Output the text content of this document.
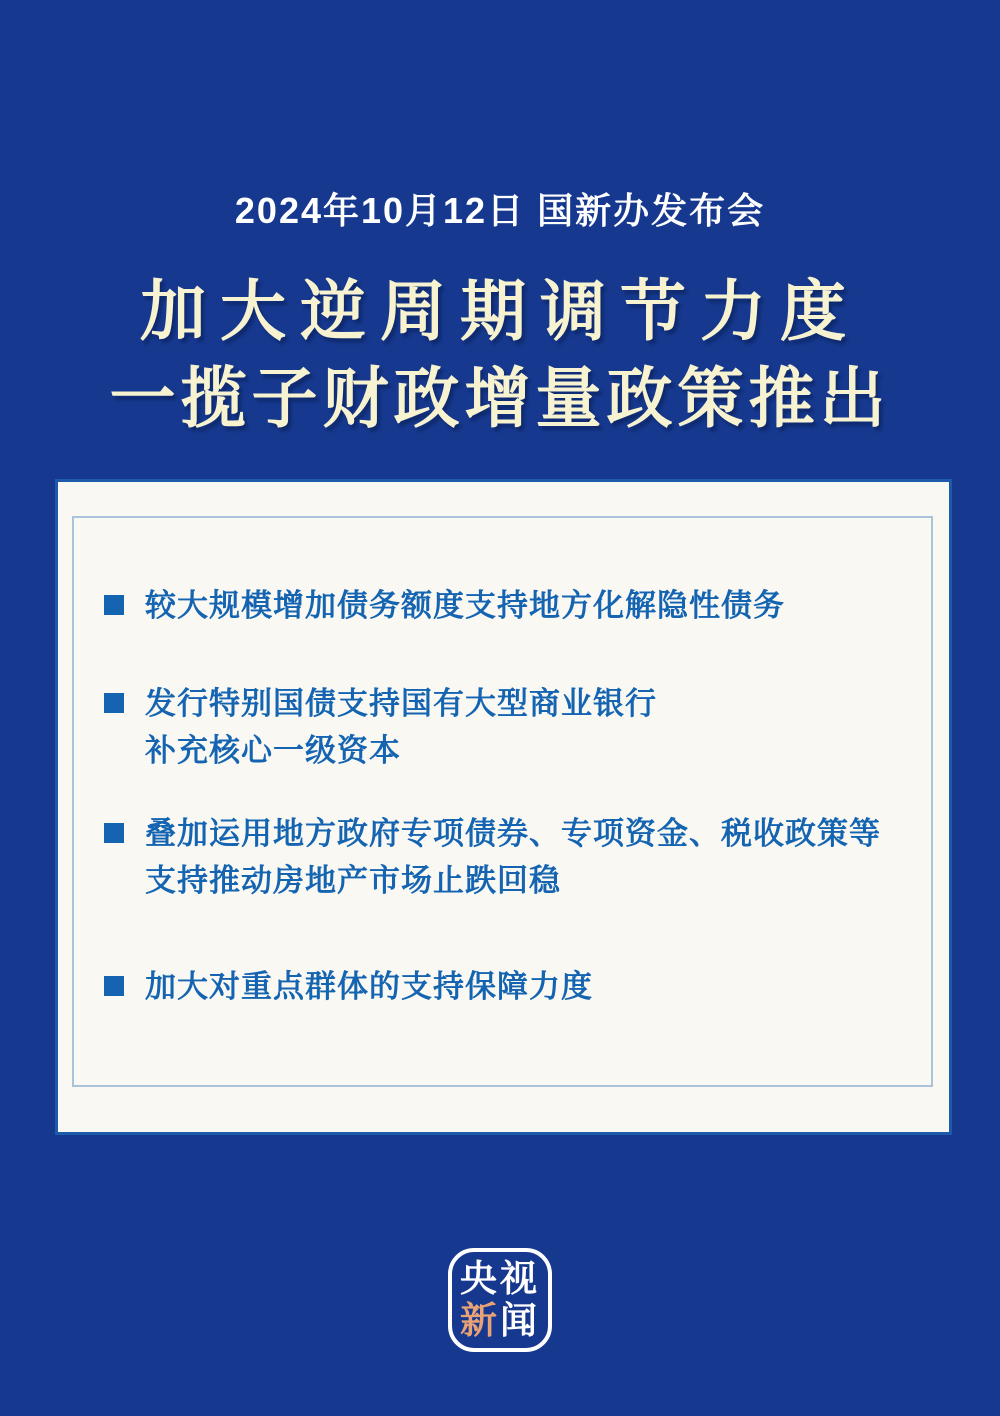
2024年10月12日 国新办发布会
加大逆周期调节力度
一揽子财政增量政策推出
较大规模增加债务额度支持地方化解隐性债务
发行特别国债支持国有大型商业银行
补充核心一级资本
叠加运用地方政府专项债券、专项资金、税收政策等
支持推动房地产市场止跌回稳
加大对重点群体的支持保障力度
央视
新闻
